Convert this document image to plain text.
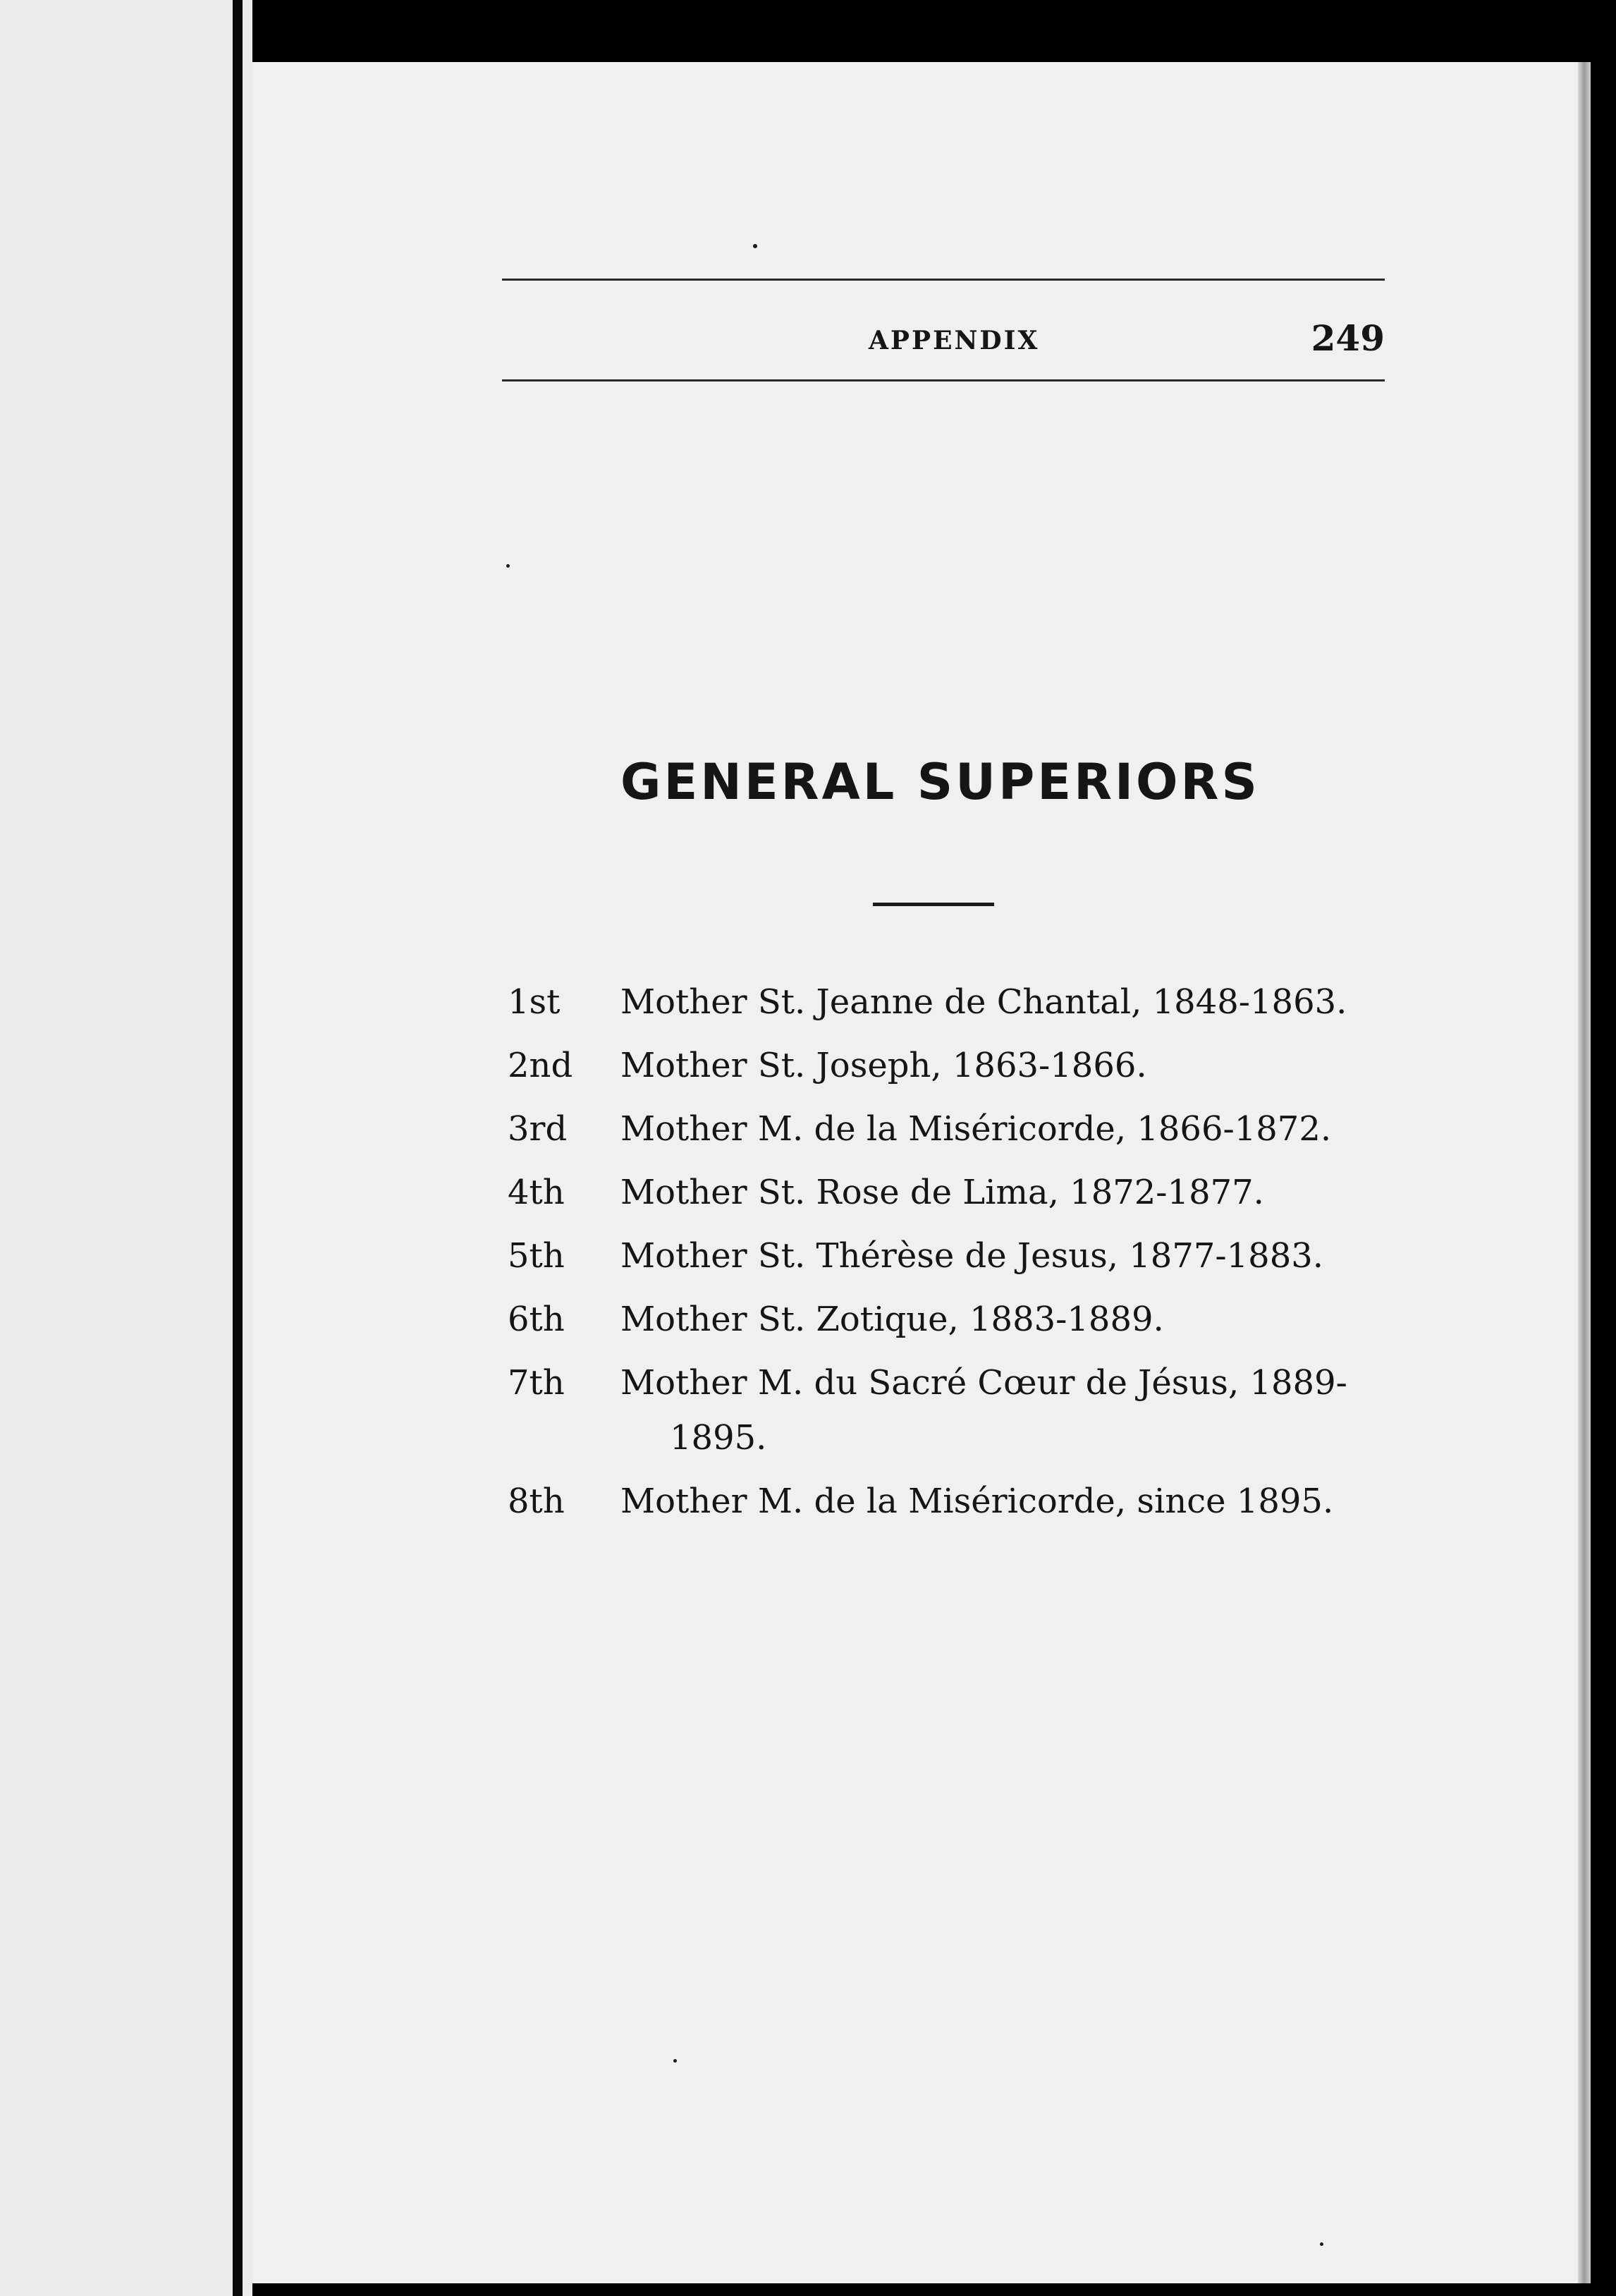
APPENDIX	249
GENERAL SUPERIORS
1st	Mother St. Jeanne de Chantal, 1848-1863.
2nd	Mother St. Joseph, 1863-1866.
3rd	Mother M. de la Miséricorde, 1866-1872.
4th	Mother St. Rose de Lima, 1872-1877.
5th	Mother St. Thérèse de Jesus, 1877-1883.
6th	Mother St. Zotique, 1883-1889.
7th	Mother M. du Sacré Cœur de Jésus, 1889-
1895.
8th	Mother M. de la Miséricorde, since 1895.
